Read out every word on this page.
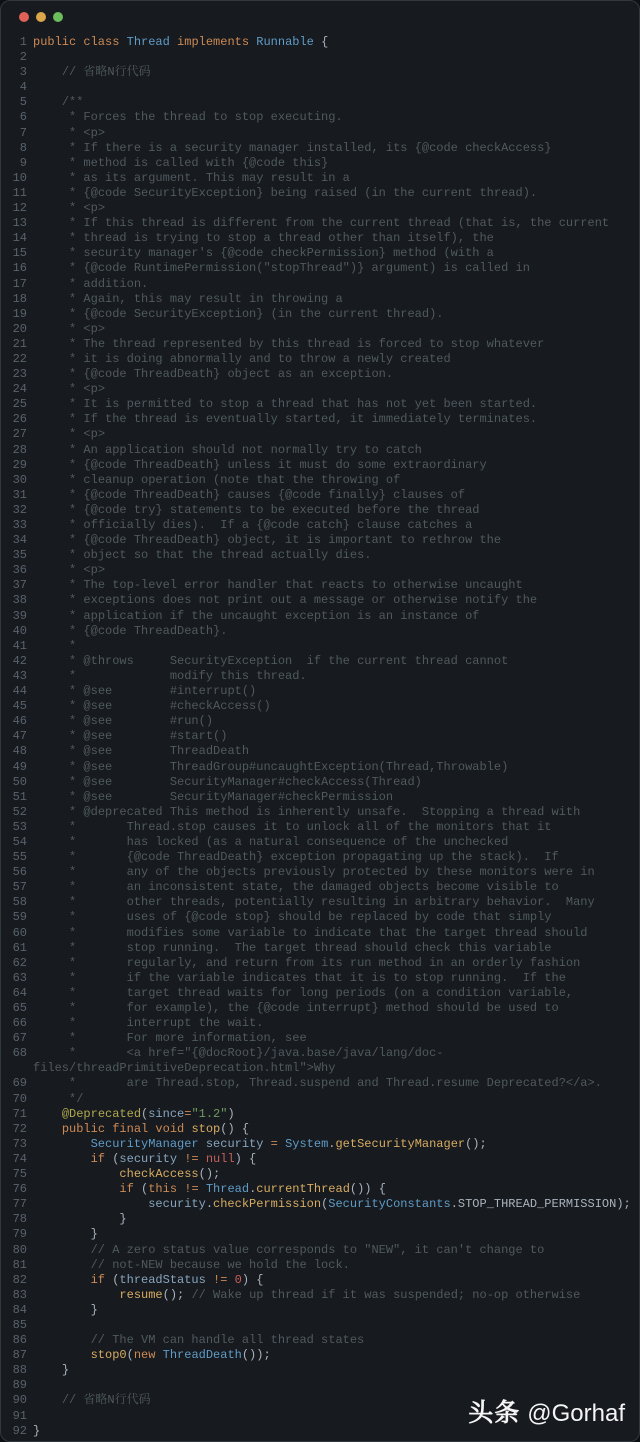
1 public class Thread implements Runnable {
2
3 // 省略N行代码
4
5 /**
6 * Forces the thread to stop executing.
7 * <p>
8 * If there is a security manager installed, its {@code checkAccess}
9 * method is called with {@code this}
10 * as its argument. This may result in a
11 * {@code SecurityException} being raised (in the current thread).
12 * <p>
13 * If this thread is different from the current thread (that is, the current
14 * thread is trying to stop a thread other than itself), the
15 * security manager's {@code checkPermission} method (with a
16 * {@code RuntimePermission("stopThread")} argument) is called in
17 * addition.
18 * Again, this may result in throwing a
19 * {@code SecurityException} (in the current thread).
20 * <p>
21 * The thread represented by this thread is forced to stop whatever
22 * it is doing abnormally and to throw a newly created
23 * {@code ThreadDeath} object as an exception.
24 * <p>
25 * It is permitted to stop a thread that has not yet been started.
26 * If the thread is eventually started, it immediately terminates.
27 * <p>
28 * An application should not normally try to catch
29 * {@code ThreadDeath} unless it must do some extraordinary
30 * cleanup operation (note that the throwing of
31 * {@code ThreadDeath} causes {@code finally} clauses of
32 * {@code try} statements to be executed before the thread
33 * officially dies).  If a {@code catch} clause catches a
34 * {@code ThreadDeath} object, it is important to rethrow the
35 * object so that the thread actually dies.
36 * <p>
37 * The top-level error handler that reacts to otherwise uncaught
38 * exceptions does not print out a message or otherwise notify the
39 * application if the uncaught exception is an instance of
40 * {@code ThreadDeath}.
41 *
42 * @throws     SecurityException  if the current thread cannot
43 *             modify this thread.
44 * @see        #interrupt()
45 * @see        #checkAccess()
46 * @see        #run()
47 * @see        #start()
48 * @see        ThreadDeath
49 * @see        ThreadGroup#uncaughtException(Thread,Throwable)
50 * @see        SecurityManager#checkAccess(Thread)
51 * @see        SecurityManager#checkPermission
52 * @deprecated This method is inherently unsafe.  Stopping a thread with
53 *       Thread.stop causes it to unlock all of the monitors that it
54 *       has locked (as a natural consequence of the unchecked
55 *       {@code ThreadDeath} exception propagating up the stack).  If
56 *       any of the objects previously protected by these monitors were in
57 *       an inconsistent state, the damaged objects become visible to
58 *       other threads, potentially resulting in arbitrary behavior.  Many
59 *       uses of {@code stop} should be replaced by code that simply
60 *       modifies some variable to indicate that the target thread should
61 *       stop running.  The target thread should check this variable
62 *       regularly, and return from its run method in an orderly fashion
63 *       if the variable indicates that it is to stop running.  If the
64 *       target thread waits for long periods (on a condition variable,
65 *       for example), the {@code interrupt} method should be used to
66 *       interrupt the wait.
67 *       For more information, see
68 *       <a href="{@docRoot}/java.base/java/lang/doc-files/threadPrimitiveDeprecation.html">Why
69 *       are Thread.stop, Thread.suspend and Thread.resume Deprecated?</a>.
70 */
71	@Deprecated(since="1.2")
72	public final void stop() {
73	SecurityManager security = System.getSecurityManager();
74	if (security != null) {
75	checkAccess();
76	if (this != Thread.currentThread()) {
77	security.checkPermission(SecurityConstants.STOP_THREAD_PERMISSION);
78 }
79 }
80 // A zero status value corresponds to "NEW", it can't change to
81 // not-NEW because we hold the lock.
82	if (threadStatus != 0) {
83	resume(); // Wake up thread if it was suspended; no-op otherwise
84 }
85
86 // The VM can handle all thread states
87	stop0(new ThreadDeath());
88 }
89
90 // 省略N行代码
91
92 }
头条 @Gorhaf
